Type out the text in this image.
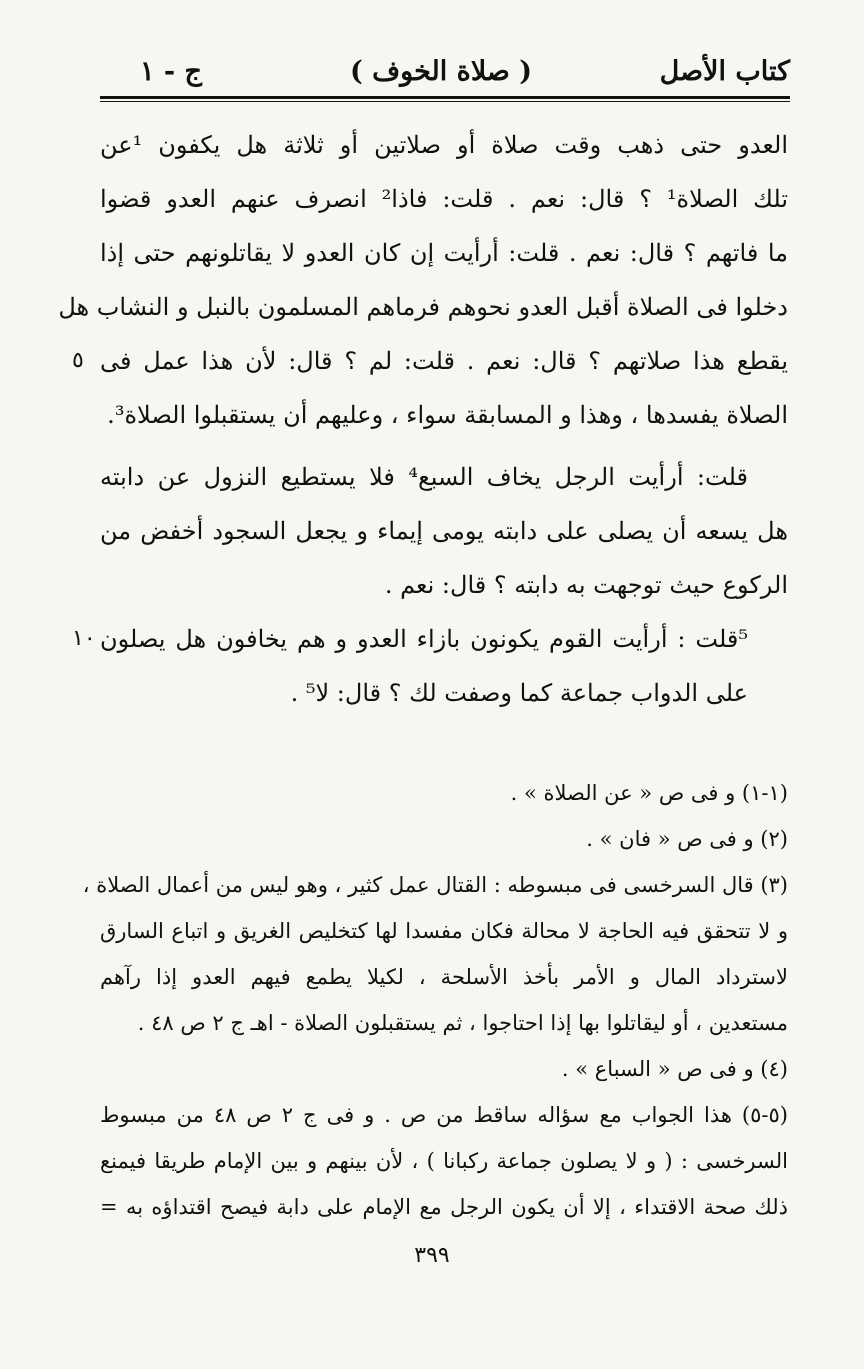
كتاب الأصل
( صلاة الخوف )
ج - ١
العدو حتى ذهب وقت صلاة أو صلاتين أو ثلاثة هل يكفون ¹عن
تلك الصلاة¹ ؟ قال: نعم . قلت: فاذا² انصرف عنهم العدو قضوا
ما فاتهم ؟ قال: نعم . قلت: أرأيت إن كان العدو لا يقاتلونهم حتى إذا
دخلوا فى الصلاة أقبل العدو نحوهم فرماهم المسلمون بالنبل و النشاب هل
يقطع هذا صلاتهم ؟ قال: نعم . قلت: لم ؟ قال: لأن هذا عمل فى
٥
الصلاة يفسدها ، وهذا و المسابقة سواء ، وعليهم أن يستقبلوا الصلاة³.
قلت: أرأيت الرجل يخاف السبع⁴ فلا يستطيع النزول عن دابته
هل يسعه أن يصلى على دابته يومى إيماء و يجعل السجود أخفض من
الركوع حيث توجهت به دابته ؟ قال: نعم .
⁵قلت : أرأيت القوم يكونون بازاء العدو و هم يخافون هل يصلون
١٠
على الدواب جماعة كما وصفت لك ؟ قال: لا⁵ .
(١-١) و فى ص « عن الصلاة » .
(٢) و فى ص « فان » .
(٣) قال السرخسى فى مبسوطه : القتال عمل كثير ، وهو ليس من أعمال الصلاة ،
و لا تتحقق فيه الحاجة لا محالة فكان مفسدا لها كتخليص الغريق و اتباع السارق
لاسترداد المال و الأمر بأخذ الأسلحة ، لكيلا يطمع فيهم العدو إذا رآهم
مستعدين ، أو ليقاتلوا بها إذا احتاجوا ، ثم يستقبلون الصلاة - اهـ ج ٢ ص ٤٨ .
(٤) و فى ص « السباع » .
(٥-٥) هذا الجواب مع سؤاله ساقط من ص . و فى ج ٢ ص ٤٨ من مبسوط
السرخسى : ( و لا يصلون جماعة ركبانا ) ، لأن بينهم و بين الإمام طريقا فيمنع
ذلك صحة الاقتداء ، إلا أن يكون الرجل مع الإمام على دابة فيصح اقتداؤه به =
٣٩٩
